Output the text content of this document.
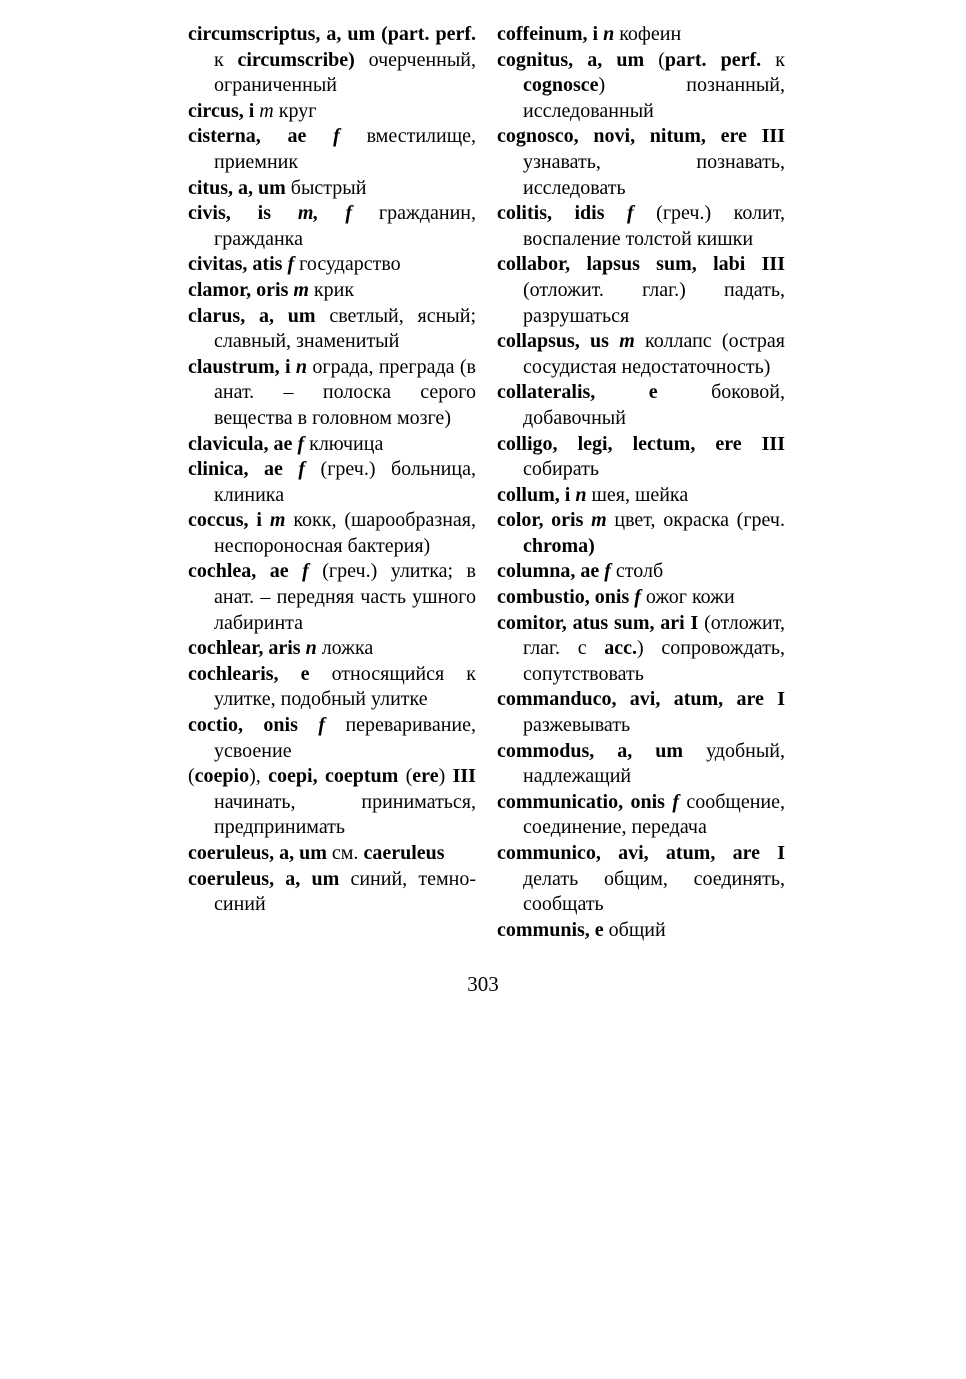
circumscriptus, a, um (part. perf. к circumscribe) очерченный, ограниченный
circus, i m круг
cisterna, ae f вместилище, приемник
citus, a, um быстрый
civis, is m, f гражданин, гражданка
civitas, atis f государство
clamor, oris m крик
clarus, a, um светлый, ясный; славный, знаменитый
claustrum, i n ограда, преграда (в анат. – полоска серого вещества в головном мозге)
clavicula, ae f ключица
clinica, ae f (греч.) больница, клиника
coccus, i m кокк, (шарообразная, неспороносная бактерия)
cochlea, ae f (греч.) улитка; в анат. – передняя часть ушного лабиринта
cochlear, aris n ложка
cochlearis, e относящийся к улитке, подобный улитке
coctio, onis f переваривание, усвоение
(coepio), coepi, coeptum (ere) III начинать, приниматься, предпринимать
coeruleus, a, um см. caeruleus
coeruleus, a, um синий, темно-синий
coffeinum, i n кофеин
cognitus, a, um (part. perf. к cognosce) познанный, исследованный
cognosco, novi, nitum, ere III узнавать, познавать, исследовать
colitis, idis f (греч.) колит, воспаление толстой кишки
collabor, lapsus sum, labi III (отложит. глаг.) падать, разрушаться
collapsus, us m коллапс (острая сосудистая недостаточность)
collateralis, e боковой, добавочный
colligo, legi, lectum, ere III собирать
collum, i n шея, шейка
color, oris m цвет, окраска (греч. chroma)
columna, ae f столб
combustio, onis f ожог кожи
comitor, atus sum, ari I (отложит, глаг. с acc.) сопровождать, сопутствовать
commanduco, avi, atum, are I разжевывать
commodus, a, um удобный, надлежащий
communicatio, onis f сообщение, соединение, передача
communico, avi, atum, are I делать общим, соединять, сообщать
communis, e общий
303
